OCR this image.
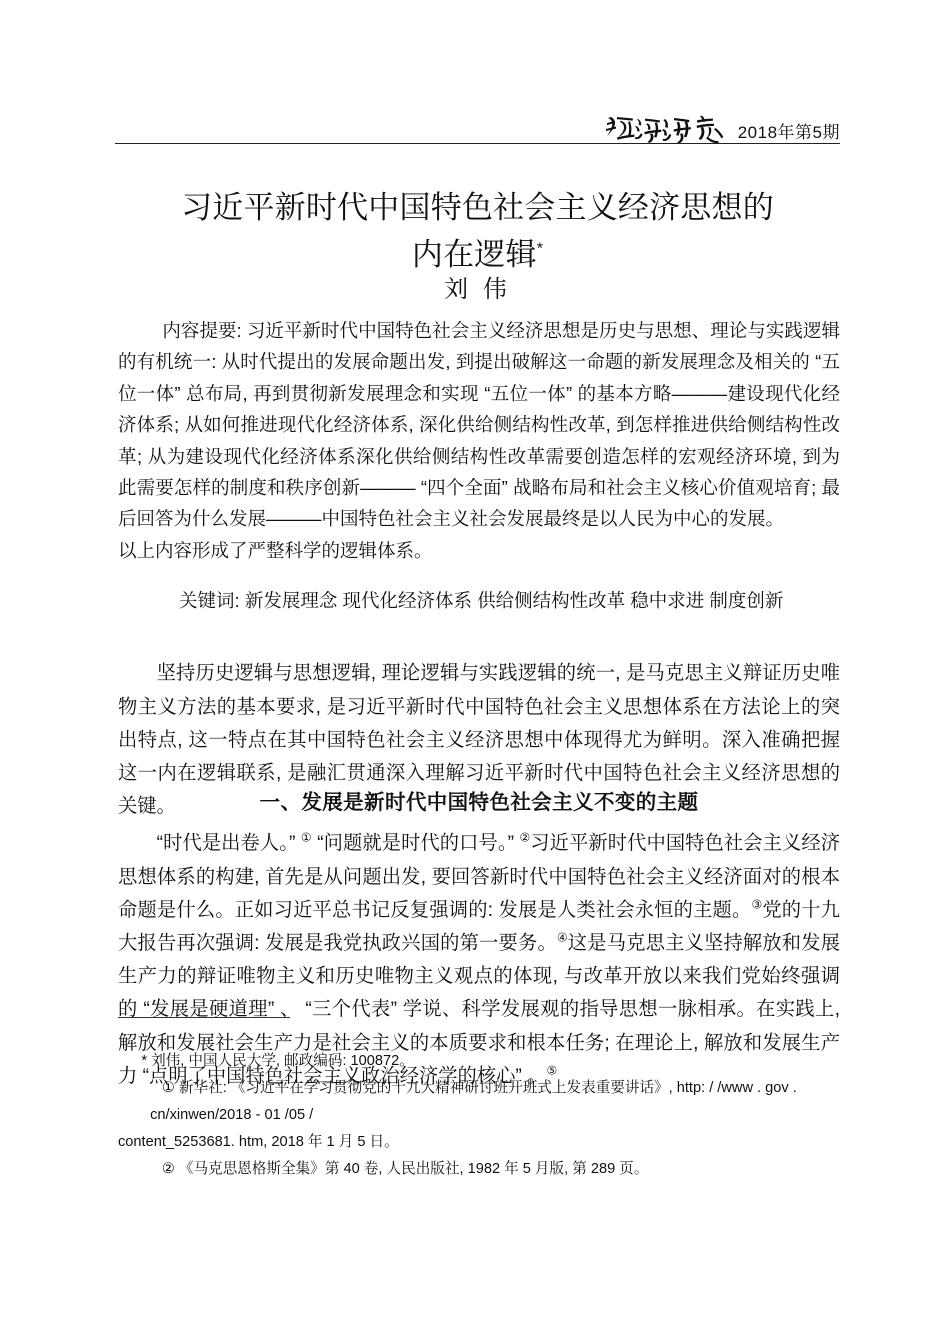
2018年第5期
习近平新时代中国特色社会主义经济思想的
内在逻辑*
刘 伟

内容提要: 习近平新时代中国特色社会主义经济思想是历史与思想、理论与实践逻辑的有机统一: 从时代提出的发展命题出发, 到提出破解这一命题的新发展理念及相关的 “五位一体” 总布局, 再到贯彻新发展理念和实现 “五位一体” 的基本方略———建设现代化经济体系; 从如何推进现代化经济体系, 深化供给侧结构性改革, 到怎样推进供给侧结构性改革; 从为建设现代化经济体系深化供给侧结构性改革需要创造怎样的宏观经济环境, 到为此需要怎样的制度和秩序创新——— “四个全面” 战略布局和社会主义核心价值观培育; 最后回答为什么发展———中国特色社会主义社会发展最终是以人民为中心的发展。

以上内容形成了严整科学的逻辑体系。

关键词: 新发展理念 现代化经济体系 供给侧结构性改革 稳中求进 制度创新

坚持历史逻辑与思想逻辑, 理论逻辑与实践逻辑的统一, 是马克思主义辩证历史唯物主义方法的基本要求, 是习近平新时代中国特色社会主义思想体系在方法论上的突出特点, 这一特点在其中国特色社会主义经济思想中体现得尤为鲜明。深入准确把握这一内在逻辑联系, 是融汇贯通深入理解习近平新时代中国特色社会主义经济思想的关键。	一、发展是新时代中国特色社会主义不变的主题

“时代是出卷人。” ① “问题就是时代的口号。” ②习近平新时代中国特色社会主义经济思想体系的构建, 首先是从问题出发, 要回答新时代中国特色社会主义经济面对的根本命题是什么。正如习近平总书记反复强调的: 发展是人类社会永恒的主题。③党的十九大报告再次强调: 发展是我党执政兴国的第一要务。④这是马克思主义坚持解放和发展生产力的辩证唯物主义和历史唯物主义观点的体现, 与改革开放以来我们党始终强调的 “发展是硬道理” 、 “三个代表” 学说、科学发展观的指导思想一脉相承。在实践上, 解放和发展社会生产力是社会主义的本质要求和根本任务; 在理论上, 解放和发展生产力 “点明了中国特色社会主义政治经济学的核心” 。⑤

* 刘伟, 中国人民大学, 邮政编码: 100872。

① 新华社: 《习近平在学习贯彻党的十九大精神研讨班开班式上发表重要讲话》, http: / /www . gov .

cn/xinwen/2018 - 01 /05 /

content_5253681. htm, 2018 年 1 月 5 日。

② 《马克思恩格斯全集》第 40 卷, 人民出版社, 1982 年 5 月版, 第 289 页。
